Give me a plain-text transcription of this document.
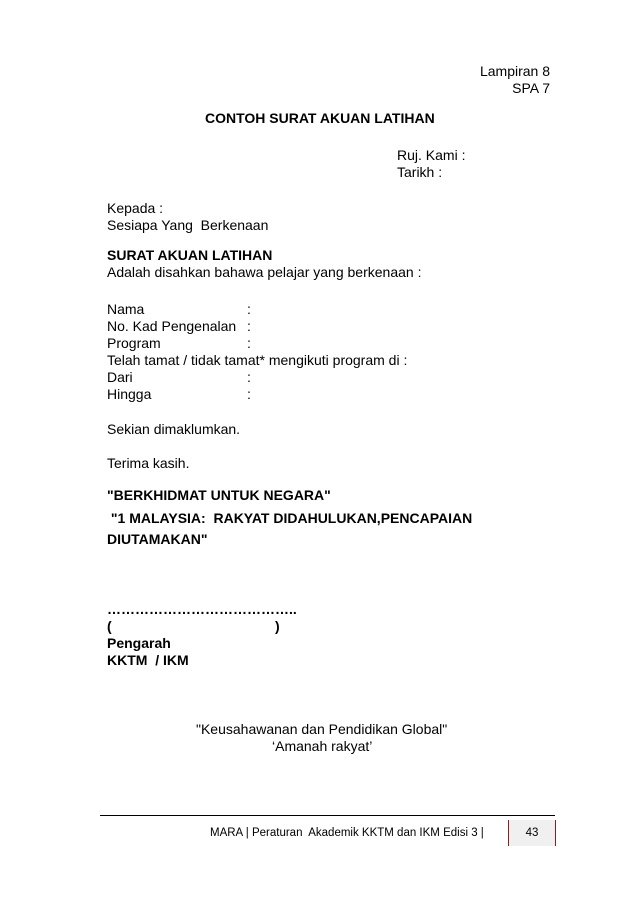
Lampiran 8
SPA 7
CONTOH SURAT AKUAN LATIHAN
Ruj. Kami :
Tarikh :
Kepada :
Sesiapa Yang  Berkenaan
SURAT AKUAN LATIHAN
Adalah disahkan bahawa pelajar yang berkenaan :
Nama	:
No. Kad Pengenalan :
Program	:
Telah tamat / tidak tamat* mengikuti program di :
Dari	:
Hingga	:
Sekian dimaklumkan.
Terima kasih.
"BERKHIDMAT UNTUK NEGARA"
"1 MALAYSIA:  RAKYAT DIDAHULUKAN,PENCAPAIAN
DIUTAMAKAN"
…………………………………..
(                                          )
Pengarah
KKTM  / IKM
"Keusahawanan dan Pendidikan Global"
‘Amanah rakyat’
MARA | Peraturan  Akademik KKTM dan IKM Edisi 3 |	43
